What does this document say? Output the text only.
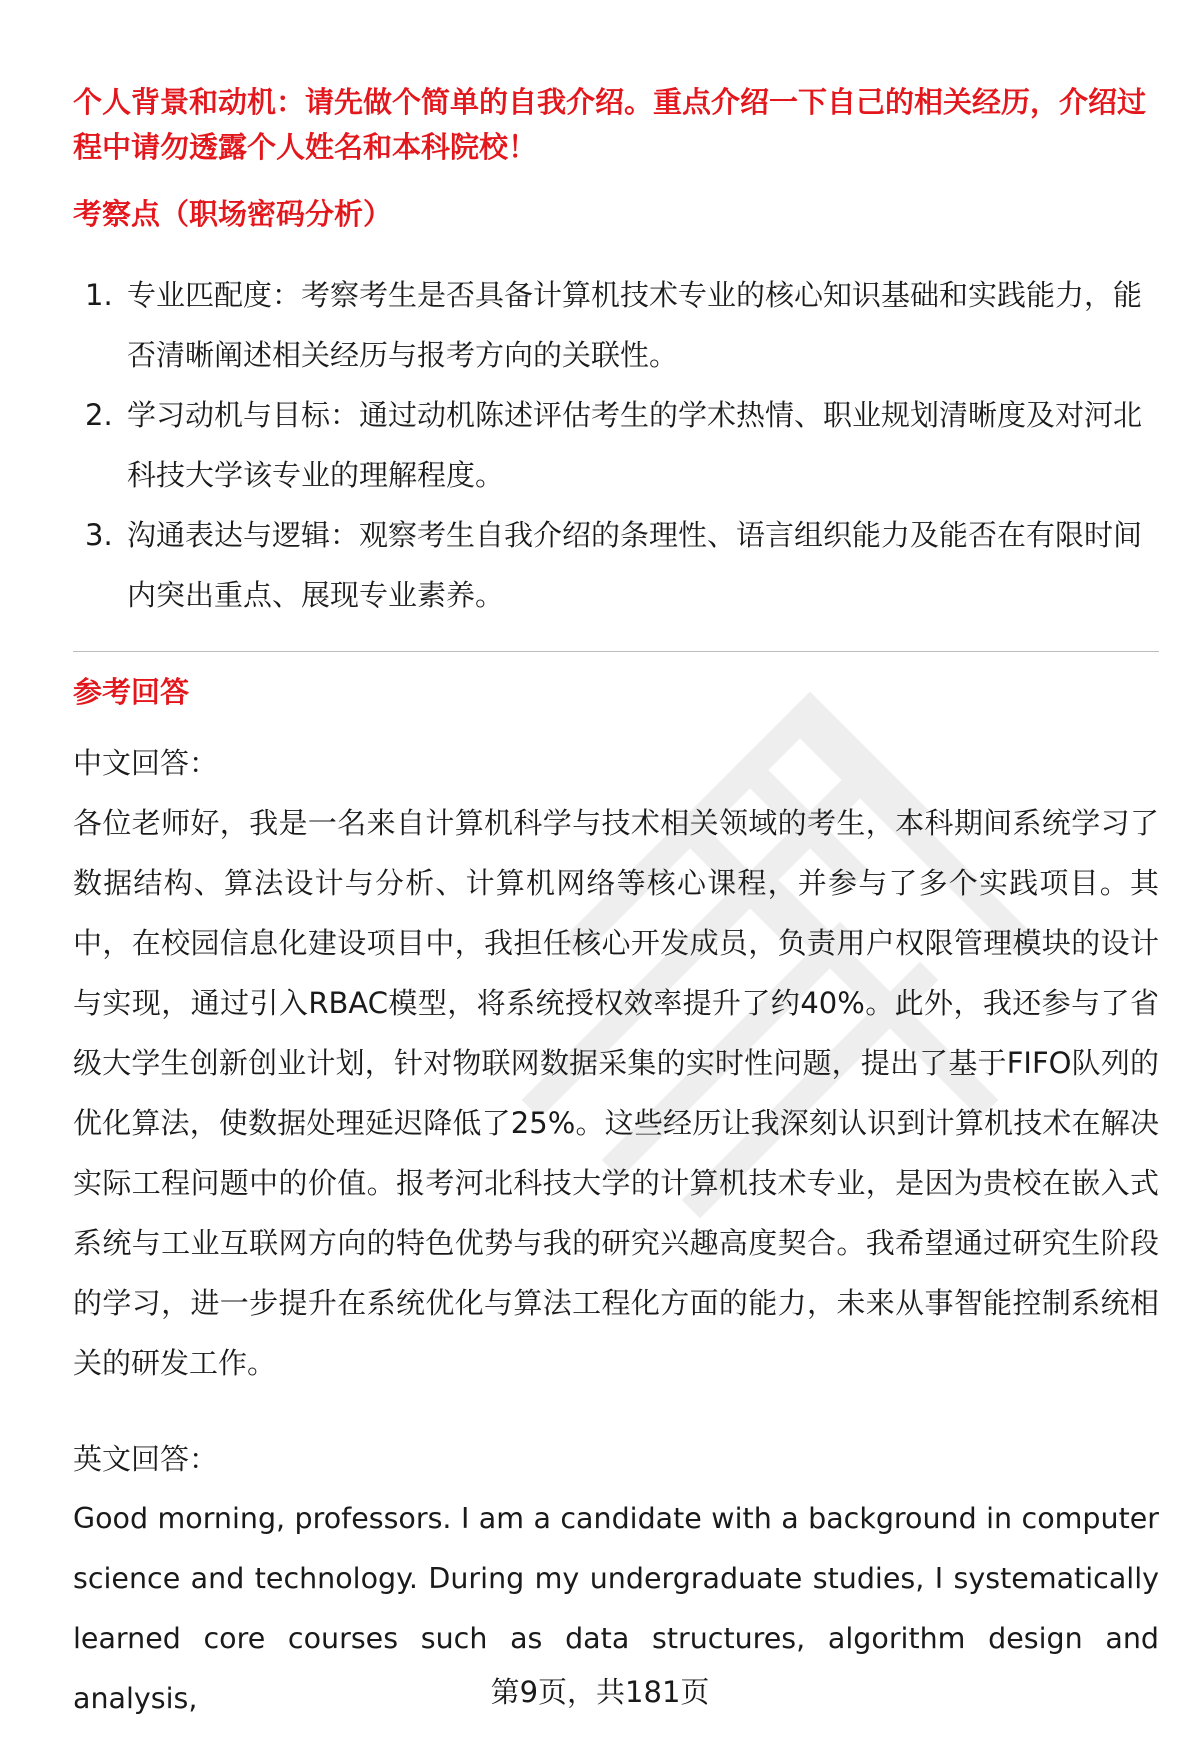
个人背景和动机：请先做个简单的自我介绍。重点介绍一下自己的相关经历，介绍过程中请勿透露个人姓名和本科院校！

考察点（职场密码分析）

1. 专业匹配度：考察考生是否具备计算机技术专业的核心知识基础和实践能力，能否清晰阐述相关经历与报考方向的关联性。
2. 学习动机与目标：通过动机陈述评估考生的学术热情、职业规划清晰度及对河北科技大学该专业的理解程度。
3. 沟通表达与逻辑：观察考生自我介绍的条理性、语言组织能力及能否在有限时间内突出重点、展现专业素养。

参考回答

中文回答：

各位老师好，我是一名来自计算机科学与技术相关领域的考生，本科期间系统学习了数据结构、算法设计与分析、计算机网络等核心课程，并参与了多个实践项目。其中，在校园信息化建设项目中，我担任核心开发成员，负责用户权限管理模块的设计与实现，通过引入RBAC模型，将系统授权效率提升了约40%。此外，我还参与了省级大学生创新创业计划，针对物联网数据采集的实时性问题，提出了基于FIFO队列的优化算法，使数据处理延迟降低了25%。这些经历让我深刻认识到计算机技术在解决实际工程问题中的价值。报考河北科技大学的计算机技术专业，是因为贵校在嵌入式系统与工业互联网方向的特色优势与我的研究兴趣高度契合。我希望通过研究生阶段的学习，进一步提升在系统优化与算法工程化方面的能力，未来从事智能控制系统相关的研发工作。

英文回答：

Good morning, professors. I am a candidate with a background in computer science and technology. During my undergraduate studies, I systematically learned core courses such as data structures, algorithm design and analysis,	第9页，共181页
